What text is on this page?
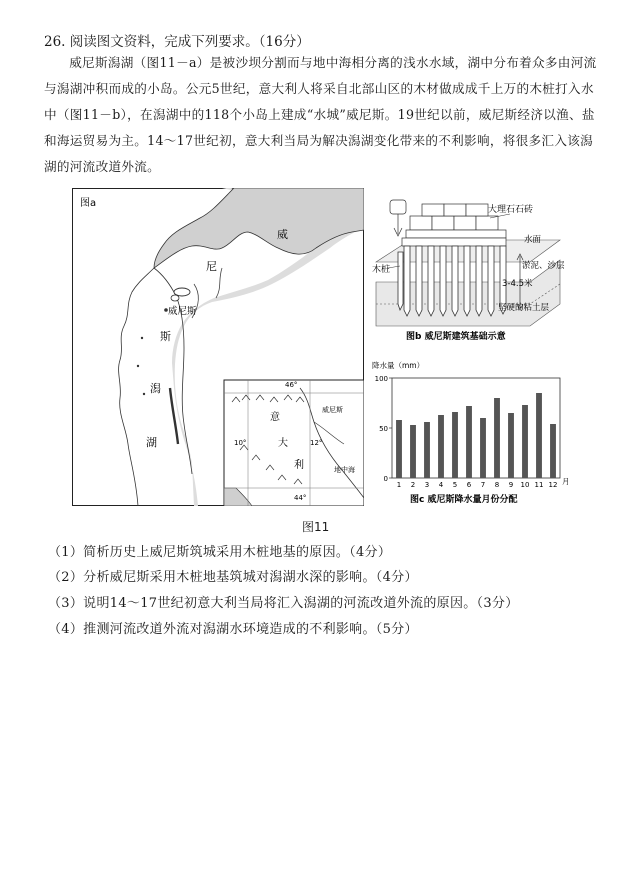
26. 阅读图文资料，完成下列要求。（16分）

威尼斯潟湖（图11－a）是被沙坝分割而与地中海相分离的浅水水域，湖中分布着众多由河流与潟湖冲积而成的小岛。公元5世纪，意大利人将采自北部山区的木材做成成千上万的木桩打入水中（图11－b），在潟湖中的118个小岛上建成“水城”威尼斯。19世纪以前，威尼斯经济以渔、盐和海运贸易为主。14～17世纪初，意大利当局为解决潟湖变化带来的不利影响，将很多汇入该潟湖的河流改道外流。

图a
威
尼
斯
潟
湖
威尼斯
46°
44°
10°	12°
意
大
利
威尼斯
地中海
大理石石砖
水面
木桩	淤泥、沙层
3-4.5米
坚硬的粘土层
图b 威尼斯建筑基础示意
降水量（mm）
1 2 3 4 5 6 7 8 9 10 11 12
0
50
100
月
图c 威尼斯降水量月份分配
图11
（1）简析历史上威尼斯筑城采用木桩地基的原因。（4分）
（2）分析威尼斯采用木桩地基筑城对潟湖水深的影响。（4分）
（3）说明14～17世纪初意大利当局将汇入潟湖的河流改道外流的原因。（3分）
（4）推测河流改道外流对潟湖水环境造成的不利影响。（5分）
